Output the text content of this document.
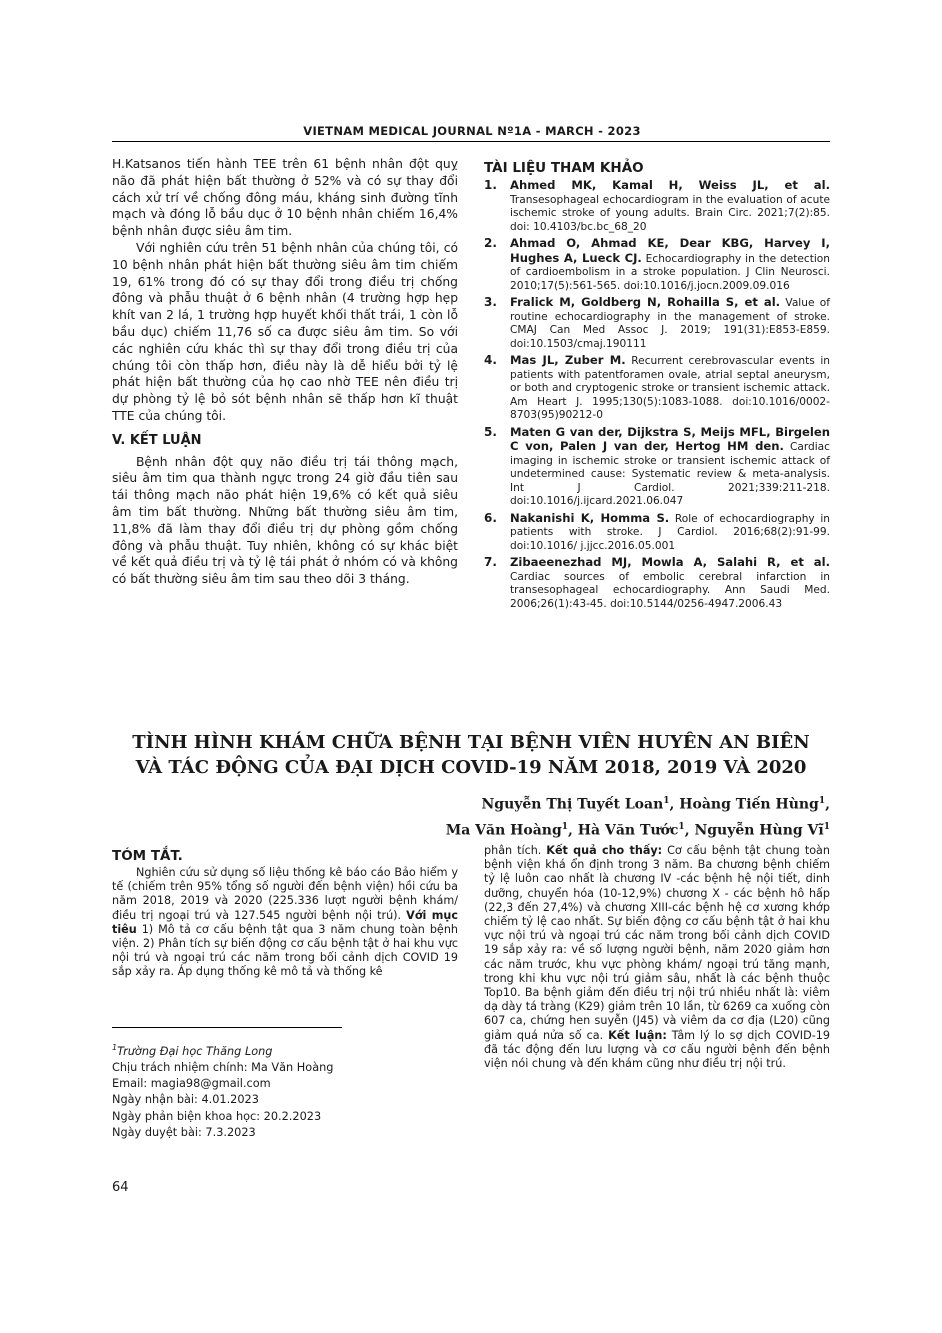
VIETNAM MEDICAL JOURNAL Nº1A - MARCH - 2023

H.Katsanos tiến hành TEE trên 61 bệnh nhân đột quỵ não đã phát hiện bất thường ở 52% và có sự thay đổi cách xử trí về chống đông máu, kháng sinh đường tĩnh mạch và đóng lỗ bầu dục ở 10 bệnh nhân chiếm 16,4% bệnh nhân được siêu âm tim.

Với nghiên cứu trên 51 bệnh nhân của chúng tôi, có 10 bệnh nhân phát hiện bất thường siêu âm tim chiếm 19, 61% trong đó có sự thay đổi trong điều trị chống đông và phẫu thuật ở 6 bệnh nhân (4 trường hợp hẹp khít van 2 lá, 1 trường hợp huyết khối thất trái, 1 còn lỗ bầu dục) chiếm 11,76 số ca được siêu âm tim. So với các nghiên cứu khác thì sự thay đổi trong điều trị của chúng tôi còn thấp hơn, điều này là dễ hiểu bởi tỷ lệ phát hiện bất thường của họ cao nhờ TEE nên điều trị dự phòng tỷ lệ bỏ sót bệnh nhân sẽ thấp hơn kĩ thuật TTE của chúng tôi.

V. KẾT LUẬN

Bệnh nhân đột quỵ não điều trị tái thông mạch, siêu âm tim qua thành ngực trong 24 giờ đầu tiên sau tái thông mạch não phát hiện 19,6% có kết quả siêu âm tim bất thường. Những bất thường siêu âm tim, 11,8% đã làm thay đổi điều trị dự phòng gồm chống đông và phẫu thuật. Tuy nhiên, không có sự khác biệt về kết quả điều trị và tỷ lệ tái phát ở nhóm có và không có bất thường siêu âm tim sau theo dõi 3 tháng.

TÀI LIỆU THAM KHẢO
1. Ahmed MK, Kamal H, Weiss JL, et al. Transesophageal echocardiogram in the evaluation of acute ischemic stroke of young adults. Brain Circ. 2021;7(2):85. doi: 10.4103/bc.bc_68_20
2. Ahmad O, Ahmad KE, Dear KBG, Harvey I, Hughes A, Lueck CJ. Echocardiography in the detection of cardioembolism in a stroke population. J Clin Neurosci. 2010;17(5):561-565. doi:10.1016/j.jocn.2009.09.016
3. Fralick M, Goldberg N, Rohailla S, et al. Value of routine echocardiography in the management of stroke. CMAJ Can Med Assoc J. 2019; 191(31):E853-E859. doi:10.1503/cmaj.190111
4. Mas JL, Zuber M. Recurrent cerebrovascular events in patients with patentforamen ovale, atrial septal aneurysm, or both and cryptogenic stroke or transient ischemic attack. Am Heart J. 1995;130(5):1083-1088. doi:10.1016/0002-8703(95)90212-0
5. Maten G van der, Dijkstra S, Meijs MFL, Birgelen C von, Palen J van der, Hertog HM den. Cardiac imaging in ischemic stroke or transient ischemic attack of undetermined cause: Systematic review & meta-analysis. Int J Cardiol. 2021;339:211-218. doi:10.1016/j.ijcard.2021.06.047
6. Nakanishi K, Homma S. Role of echocardiography in patients with stroke. J Cardiol. 2016;68(2):91-99. doi:10.1016/ j.jjcc.2016.05.001
7. Zibaeenezhad MJ, Mowla A, Salahi R, et al. Cardiac sources of embolic cerebral infarction in transesophageal echocardiography. Ann Saudi Med. 2006;26(1):43-45. doi:10.5144/0256-4947.2006.43
TÌNH HÌNH KHÁM CHỮA BỆNH TẠI BỆNH VIÊN HUYÊN AN BIÊN
VÀ TÁC ĐỘNG CỦA ĐẠI DỊCH COVID-19 NĂM 2018, 2019 VÀ 2020
Nguyễn Thị Tuyết Loan$^1$, Hoàng Tiến Hùng$^1$,
Ma Văn Hoàng$^1$, Hà Văn Tước$^1$, Nguyễn Hùng $Vĩ^1$
TÓM TẮT.
Nghiên cứu sử dụng số liệu thống kê báo cáo Bảo hiểm y tế (chiếm trên 95% tổng số người đến bệnh viện) hồi cứu ba năm 2018, 2019 và 2020 (225.336 lượt người bệnh khám/ điều trị ngoại trú và 127.545 người bệnh nội trú). Với mục tiêu 1) Mô tả cơ cấu bệnh tật qua 3 năm chung toàn bệnh viện. 2) Phân tích sự biến động cơ cấu bệnh tật ở hai khu vực nội trú và ngoại trú các năm trong bối cảnh dịch COVID 19 sắp xảy ra. Áp dụng thống kê mô tả và thống kê
phân tích. Kết quả cho thấy: Cơ cấu bệnh tật chung toàn bệnh viện khá ổn định trong 3 năm. Ba chương bệnh chiếm tỷ lệ luôn cao nhất là chương IV -các bệnh hệ nội tiết, dinh dưỡng, chuyển hóa (10-12,9%) chương X - các bệnh hô hấp (22,3 đến 27,4%) và chương XIII-các bệnh hệ cơ xương khớp chiếm tỷ lệ cao nhất. Sự biến động cơ cấu bệnh tật ở hai khu vực nội trú và ngoại trú các năm trong bối cảnh dịch COVID 19 sắp xảy ra: về số lượng người bệnh, năm 2020 giảm hơn các năm trước, khu vực phòng khám/ ngoại trú tăng mạnh, trong khi khu vực nội trú giảm sâu, nhất là các bệnh thuộc Top10. Ba bệnh giảm đến điều trị nội trú nhiều nhất là: viêm dạ dày tá tràng (K29) giảm trên 10 lần, từ 6269 ca xuống còn 607 ca, chứng hen suyễn (J45) và viêm da cơ địa (L20) cũng giảm quá nửa số ca. Kết luận: Tâm lý lo sợ dịch COVID-19 đã tác động đến lưu lượng và cơ cấu người bệnh đến bệnh viện nói chung và đến khám cũng như điều trị nội trú.
$^1$Trường Đại học Thăng Long
Chịu trách nhiệm chính: Ma Văn Hoàng
Email: magia98@gmail.com
Ngày nhận bài: 4.01.2023
Ngày phản biện khoa học: 20.2.2023
Ngày duyệt bài: 7.3.2023
64
